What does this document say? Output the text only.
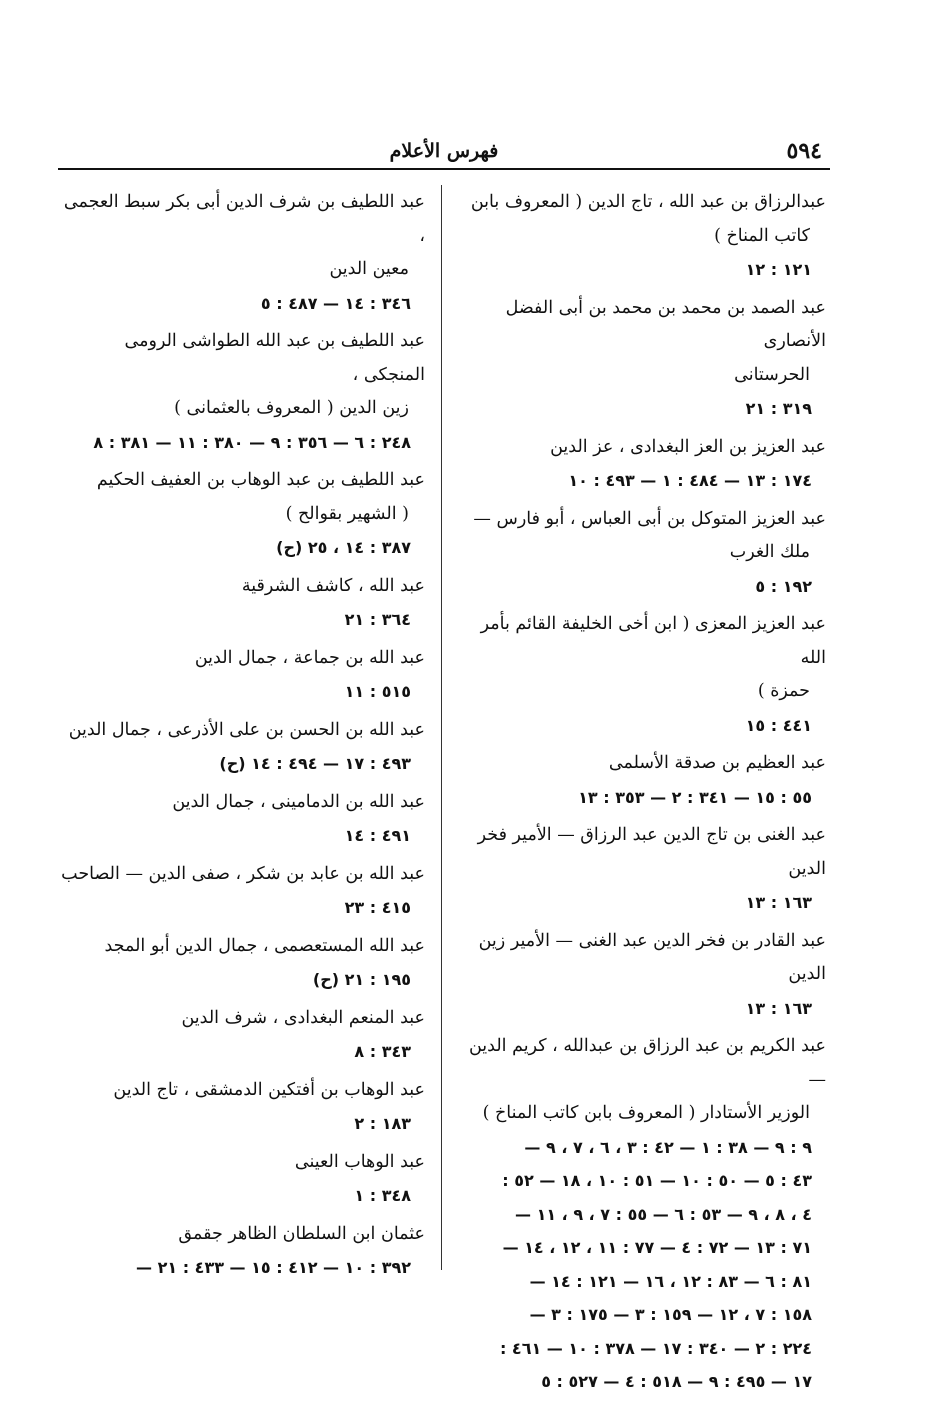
٥٩٤
فهرس الأعلام
عبدالرزاق بن عبد الله ، تاج الدين ( المعروف بابن
كاتب المناخ )
١٢١ : ١٢
عبد الصمد بن محمد بن محمد بن أبى الفضل الأنصارى
الحرستانى
٣١٩ : ٢١
عبد العزيز بن العز البغدادى ، عز الدين
١٧٤ : ١٣ — ٤٨٤ : ١ — ٤٩٣ : ١٠
عبد العزيز المتوكل بن أبى العباس ، أبو فارس —
ملك الغرب
١٩٢ : ٥
عبد العزيز المعزى ( ابن أخى الخليفة القائم بأمر الله
حمزة )
٤٤١ : ١٥
عبد العظيم بن صدقة الأسلمى
٥٥ : ١٥ — ٣٤١ : ٢ — ٣٥٣ : ١٣
عبد الغنى بن تاج الدين عبد الرزاق — الأمير فخر الدين
١٦٣ : ١٣
عبد القادر بن فخر الدين عبد الغنى — الأمير زين الدين
١٦٣ : ١٣
عبد الكريم بن عبد الرزاق بن عبدالله ، كريم الدين —
الوزير الأستادار ( المعروف بابن كاتب المناخ )
٩ : ٩ — ٣٨ : ١ — ٤٢ : ٣ ، ٦ ، ٧ ، ٩ —
٤٣ : ٥ — ٥٠ : ١٠ — ٥١ : ١٠ ، ١٨ — ٥٢ :
٤ ، ٨ ، ٩ — ٥٣ : ٦ — ٥٥ : ٧ ، ٩ ، ١١ —
٧١ : ١٣ — ٧٢ : ٤ — ٧٧ : ١١ ، ١٢ ، ١٤ —
٨١ : ٦ — ٨٣ : ١٢ ، ١٦ — ١٢١ : ١٤ —
١٥٨ : ٧ ، ١٢ — ١٥٩ : ٣ — ١٧٥ : ٣ —
٢٢٤ : ٢ — ٣٤٠ : ١٧ — ٣٧٨ : ١٠ — ٤٦١ :
١٧ — ٤٩٥ : ٩ — ٥١٨ : ٤ — ٥٢٧ : ٥
عبد اللطيف بن شرف الدين أبى بكر سبط العجمى ،
معين الدين
٣٤٦ : ١٤ — ٤٨٧ : ٥
عبد اللطيف بن عبد الله الطواشى الرومى المنجكى ،
زين الدين ( المعروف بالعثمانى )
٢٤٨ : ٦ — ٣٥٦ : ٩ — ٣٨٠ : ١١ — ٣٨١ : ٨
عبد اللطيف بن عبد الوهاب بن العفيف الحكيم
( الشهير بقوالح )
٣٨٧ : ١٤ ، ٢٥ (ح)
عبد الله ، كاشف الشرقية
٣٦٤ : ٢١
عبد الله بن جماعة ، جمال الدين
٥١٥ : ١١
عبد الله بن الحسن بن على الأذرعى ، جمال الدين
٤٩٣ : ١٧ — ٤٩٤ : ١٤ (ح)
عبد الله بن الدمامينى ، جمال الدين
٤٩١ : ١٤
عبد الله بن عابد بن شكر ، صفى الدين — الصاحب
٤١٥ : ٢٣
عبد الله المستعصمى ، جمال الدين أبو المجد
١٩٥ : ٢١ (ح)
عبد المنعم البغدادى ، شرف الدين
٣٤٣ : ٨
عبد الوهاب بن أفتكين الدمشقى ، تاج الدين
١٨٣ : ٢
عبد الوهاب العينى
٣٤٨ : ١
عثمان ابن السلطان الظاهر جقمق
٣٩٢ : ١٠ — ٤١٢ : ١٥ — ٤٣٣ : ٢١ —
